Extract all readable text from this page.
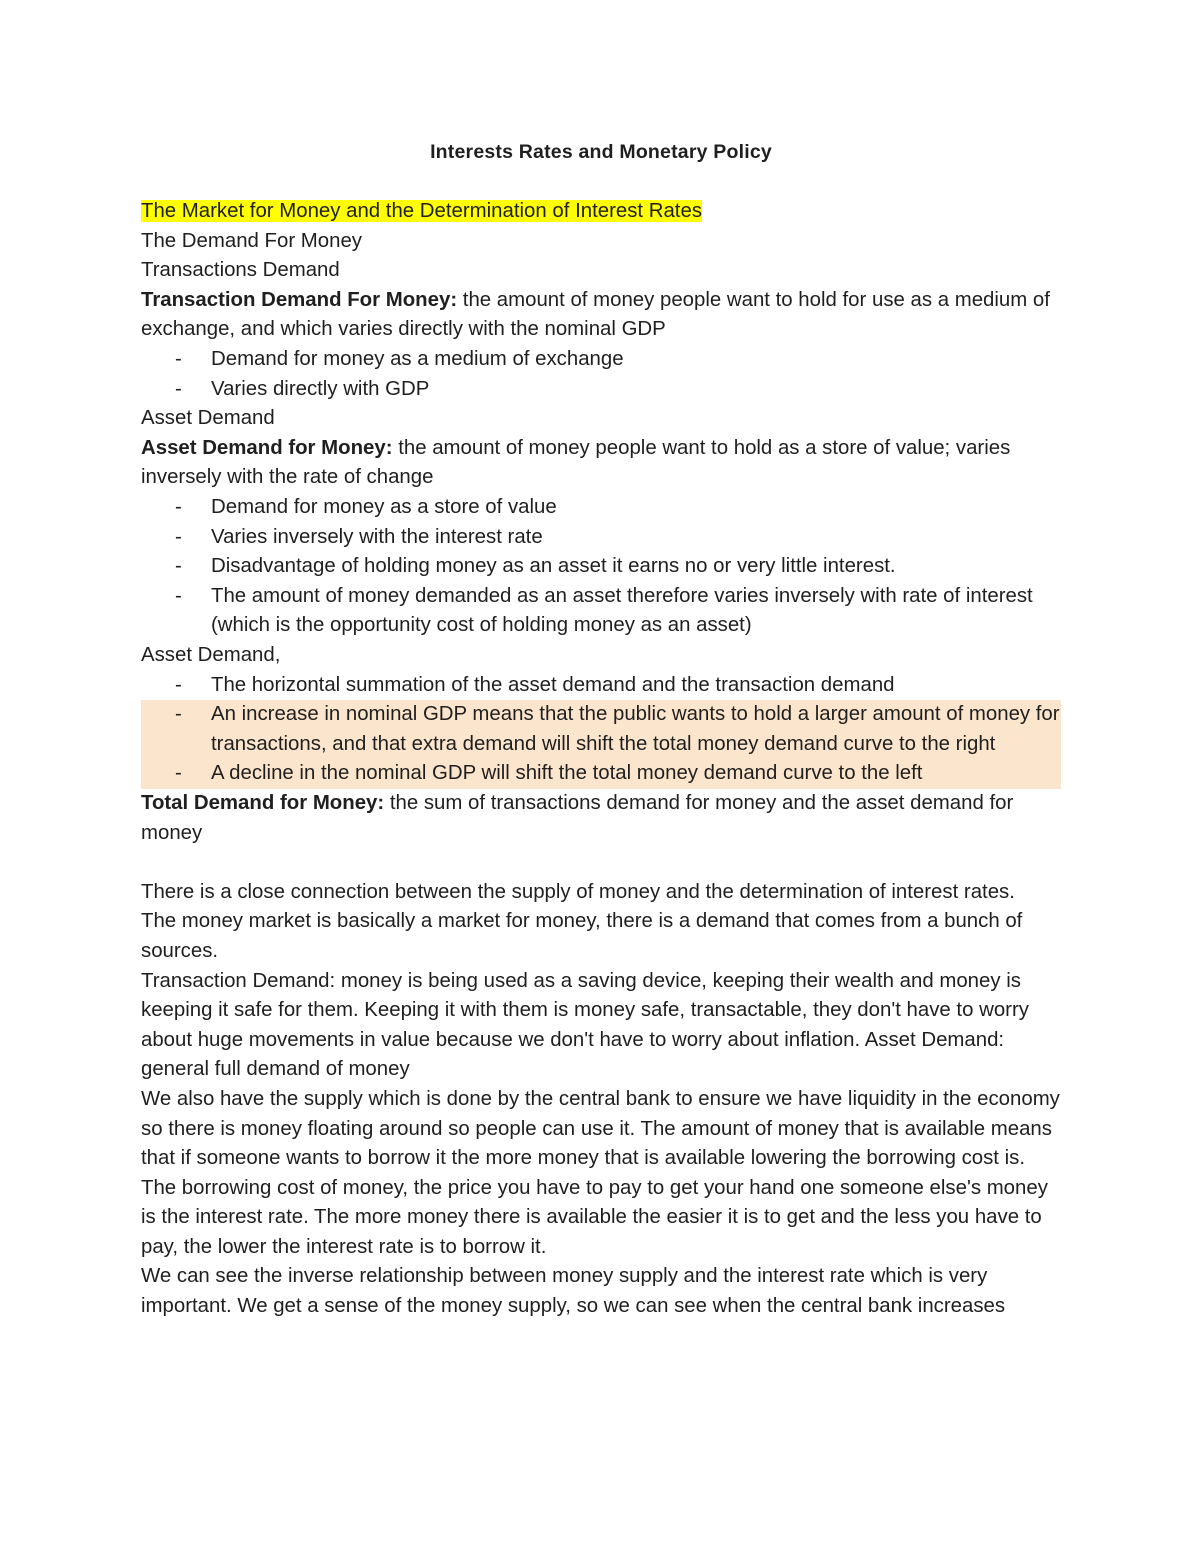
Interests Rates and Monetary Policy

The Market for Money and the Determination of Interest Rates

The Demand For Money

Transactions Demand

Transaction Demand For Money: the amount of money people want to hold for use as a medium of exchange, and which varies directly with the nominal GDP

- Demand for money as a medium of exchange
- Varies directly with GDP

Asset Demand

Asset Demand for Money: the amount of money people want to hold as a store of value; varies inversely with the rate of change

- Demand for money as a store of value
- Varies inversely with the interest rate
- Disadvantage of holding money as an asset it earns no or very little interest.
- The amount of money demanded as an asset therefore varies inversely with rate of interest (which is the opportunity cost of holding money as an asset)

Asset Demand,

- The horizontal summation of the asset demand and the transaction demand
- An increase in nominal GDP means that the public wants to hold a larger amount of money for transactions, and that extra demand will shift the total money demand curve to the right
- A decline in the nominal GDP will shift the total money demand curve to the left

Total Demand for Money: the sum of transactions demand for money and the asset demand for money

There is a close connection between the supply of money and the determination of interest rates.

The money market is basically a market for money, there is a demand that comes from a bunch of sources.

Transaction Demand: money is being used as a saving device, keeping their wealth and money is keeping it safe for them. Keeping it with them is money safe, transactable, they don't have to worry about huge movements in value because we don't have to worry about inflation. Asset Demand: general full demand of money

We also have the supply which is done by the central bank to ensure we have liquidity in the economy so there is money floating around so people can use it. The amount of money that is available means that if someone wants to borrow it the more money that is available lowering the borrowing cost is. The borrowing cost of money, the price you have to pay to get your hand one someone else's money is the interest rate. The more money there is available the easier it is to get and the less you have to pay, the lower the interest rate is to borrow it.

We can see the inverse relationship between money supply and the interest rate which is very important. We get a sense of the money supply, so we can see when the central bank increases
